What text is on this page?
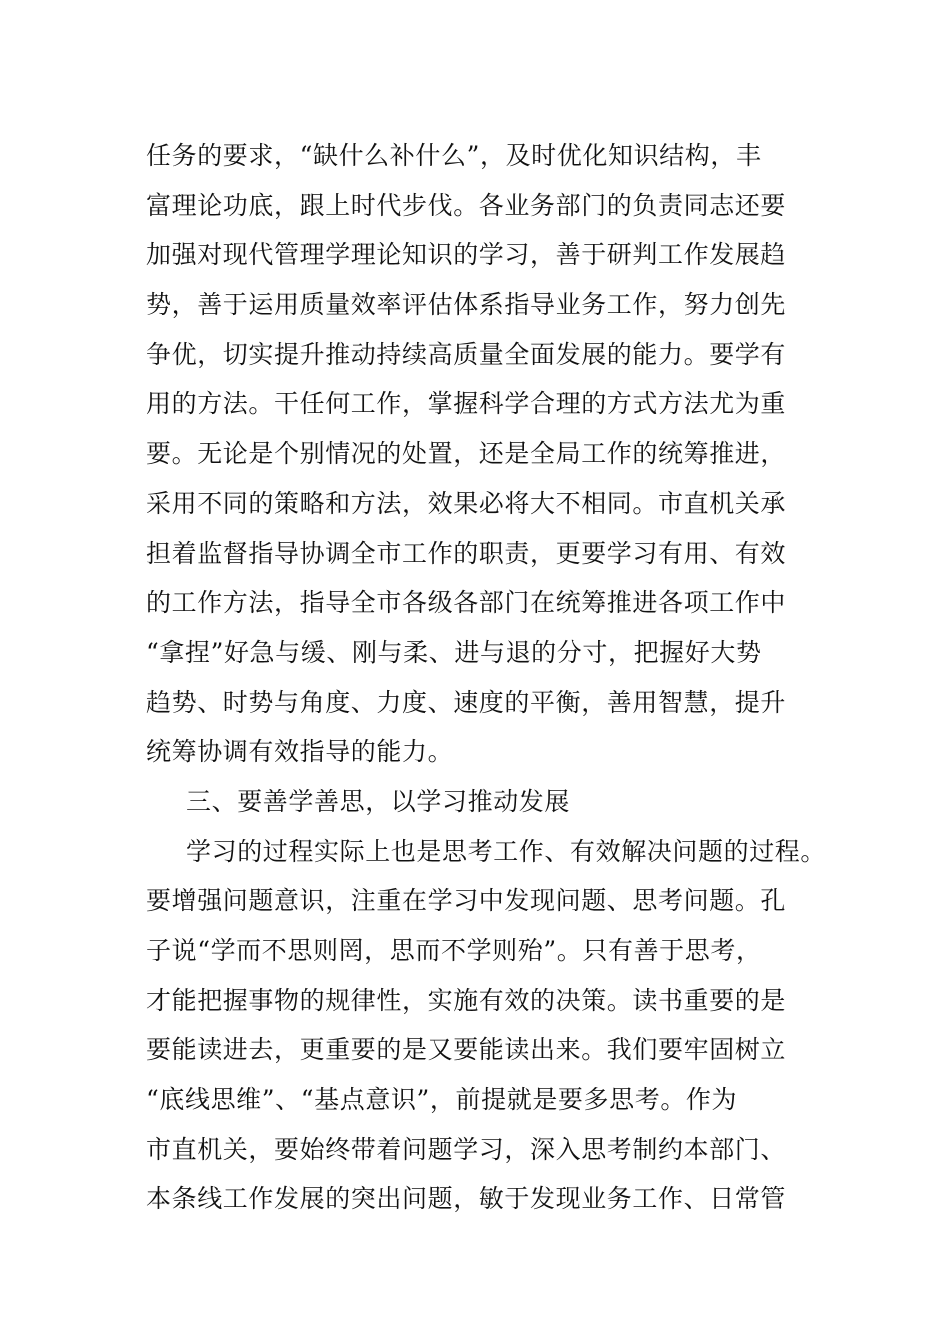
任务的要求，“缺什么补什么”，及时优化知识结构，丰
富理论功底，跟上时代步伐。各业务部门的负责同志还要
加强对现代管理学理论知识的学习，善于研判工作发展趋
势，善于运用质量效率评估体系指导业务工作，努力创先
争优，切实提升推动持续高质量全面发展的能力。要学有
用的方法。干任何工作，掌握科学合理的方式方法尤为重
要。无论是个别情况的处置，还是全局工作的统筹推进，
采用不同的策略和方法，效果必将大不相同。市直机关承
担着监督指导协调全市工作的职责，更要学习有用、有效
的工作方法，指导全市各级各部门在统筹推进各项工作中
“拿捏”好急与缓、刚与柔、进与退的分寸，把握好大势
趋势、时势与角度、力度、速度的平衡，善用智慧，提升
统筹协调有效指导的能力。
三、要善学善思，以学习推动发展
学习的过程实际上也是思考工作、有效解决问题的过程。
要增强问题意识，注重在学习中发现问题、思考问题。孔
子说“学而不思则罔，思而不学则殆”。只有善于思考，
才能把握事物的规律性，实施有效的决策。读书重要的是
要能读进去，更重要的是又要能读出来。我们要牢固树立
“底线思维”、“基点意识”，前提就是要多思考。作为
市直机关，要始终带着问题学习，深入思考制约本部门、
本条线工作发展的突出问题，敏于发现业务工作、日常管
